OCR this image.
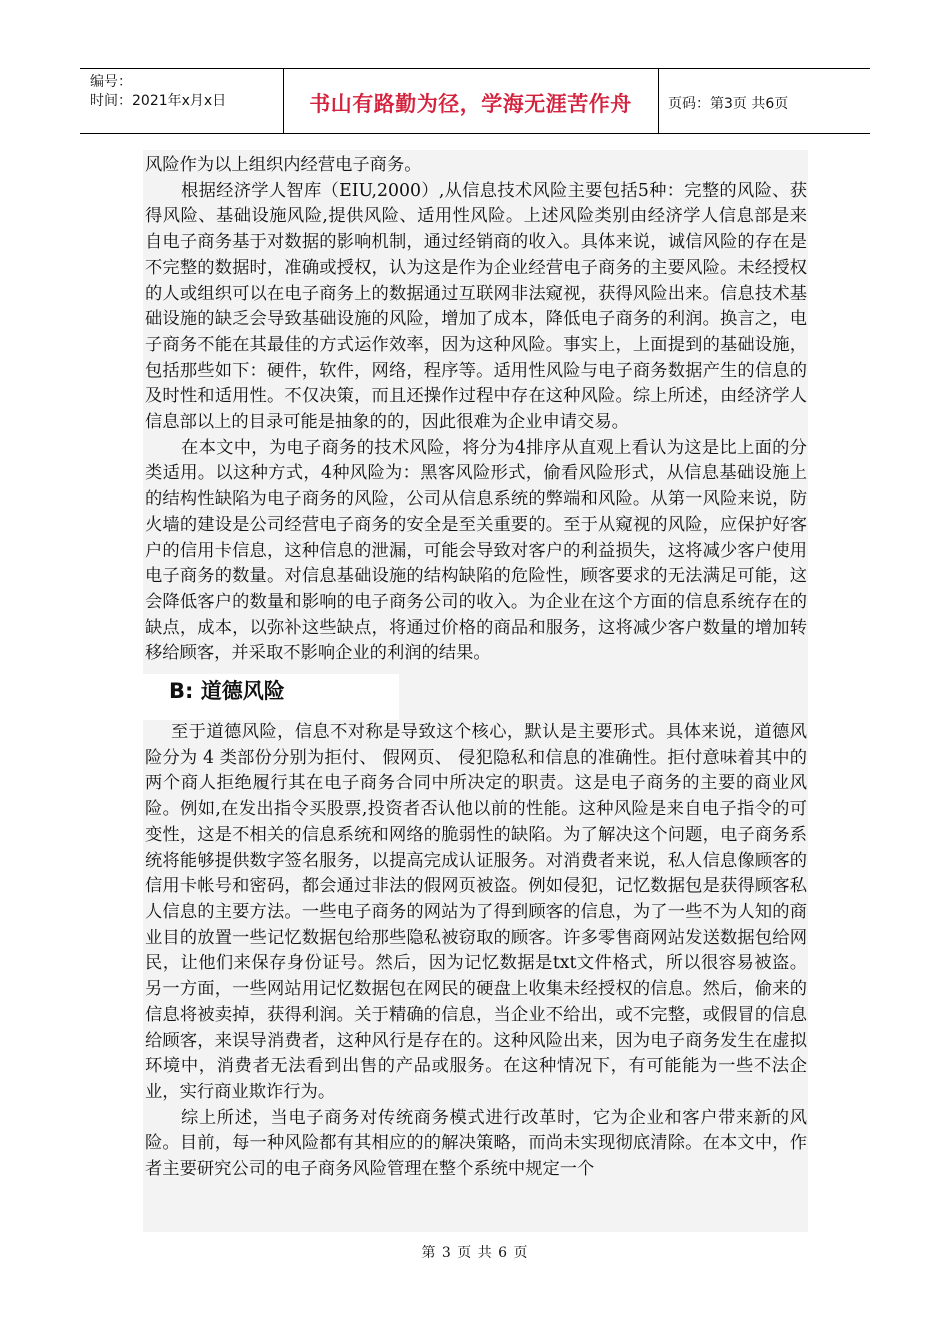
编号：
时间：2021年x月x日	书山有路勤为径，学海无涯苦作舟	页码：第3页 共6页

风险作为以上组织内经营电子商务。

根据经济学人智库（EIU,2000）,从信息技术风险主要包括5种：完整的风险、获得风险、基础设施风险,提供风险、适用性风险。上述风险类别由经济学人信息部是来自电子商务基于对数据的影响机制，通过经销商的收入。具体来说，诚信风险的存在是不完整的数据时，准确或授权，认为这是作为企业经营电子商务的主要风险。未经授权的人或组织可以在电子商务上的数据通过互联网非法窥视，获得风险出来。信息技术基础设施的缺乏会导致基础设施的风险，增加了成本，降低电子商务的利润。换言之，电子商务不能在其最佳的方式运作效率，因为这种风险。事实上，上面提到的基础设施，包括那些如下：硬件，软件，网络，程序等。适用性风险与电子商务数据产生的信息的及时性和适用性。不仅决策，而且还操作过程中存在这种风险。综上所述，由经济学人信息部以上的目录可能是抽象的的，因此很难为企业申请交易。

在本文中，为电子商务的技术风险，将分为4排序从直观上看认为这是比上面的分类适用。以这种方式，4种风险为：黑客风险形式，偷看风险形式，从信息基础设施上的结构性缺陷为电子商务的风险，公司从信息系统的弊端和风险。从第一风险来说，防火墙的建设是公司经营电子商务的安全是至关重要的。至于从窥视的风险，应保护好客户的信用卡信息，这种信息的泄漏，可能会导致对客户的利益损失，这将减少客户使用电子商务的数量。对信息基础设施的结构缺陷的危险性，顾客要求的无法满足可能，这会降低客户的数量和影响的电子商务公司的收入。为企业在这个方面的信息系统存在的缺点，成本，以弥补这些缺点，将通过价格的商品和服务，这将减少客户数量的增加转移给顾客，并采取不影响企业的利润的结果。

B: 道德风险

至于道德风险，信息不对称是导致这个核心，默认是主要形式。具体来说，道德风险分为 4 类部份分别为拒付、 假网页、 侵犯隐私和信息的准确性。拒付意味着其中的两个商人拒绝履行其在电子商务合同中所决定的职责。这是电子商务的主要的商业风险。例如,在发出指令买股票,投资者否认他以前的性能。这种风险是来自电子指令的可变性，这是不相关的信息系统和网络的脆弱性的缺陷。为了解决这个问题，电子商务系统将能够提供数字签名服务，以提高完成认证服务。对消费者来说，私人信息像顾客的信用卡帐号和密码，都会通过非法的假网页被盗。例如侵犯，记忆数据包是获得顾客私人信息的主要方法。一些电子商务的网站为了得到顾客的信息，为了一些不为人知的商业目的放置一些记忆数据包给那些隐私被窃取的顾客。许多零售商网站发送数据包给网民，让他们来保存身份证号。然后，因为记忆数据是txt文件格式，所以很容易被盗。另一方面，一些网站用记忆数据包在网民的硬盘上收集未经授权的信息。然后，偷来的信息将被卖掉，获得利润。关于精确的信息，当企业不给出，或不完整，或假冒的信息给顾客，来误导消费者，这种风行是存在的。这种风险出来，因为电子商务发生在虚拟环境中，消费者无法看到出售的产品或服务。在这种情况下，有可能能为一些不法企业，实行商业欺诈行为。

综上所述，当电子商务对传统商务模式进行改革时，它为企业和客户带来新的风险。目前，每一种风险都有其相应的的解决策略，而尚未实现彻底清除。在本文中，作者主要研究公司的电子商务风险管理在整个系统中规定一个

第 3 页 共 6 页
